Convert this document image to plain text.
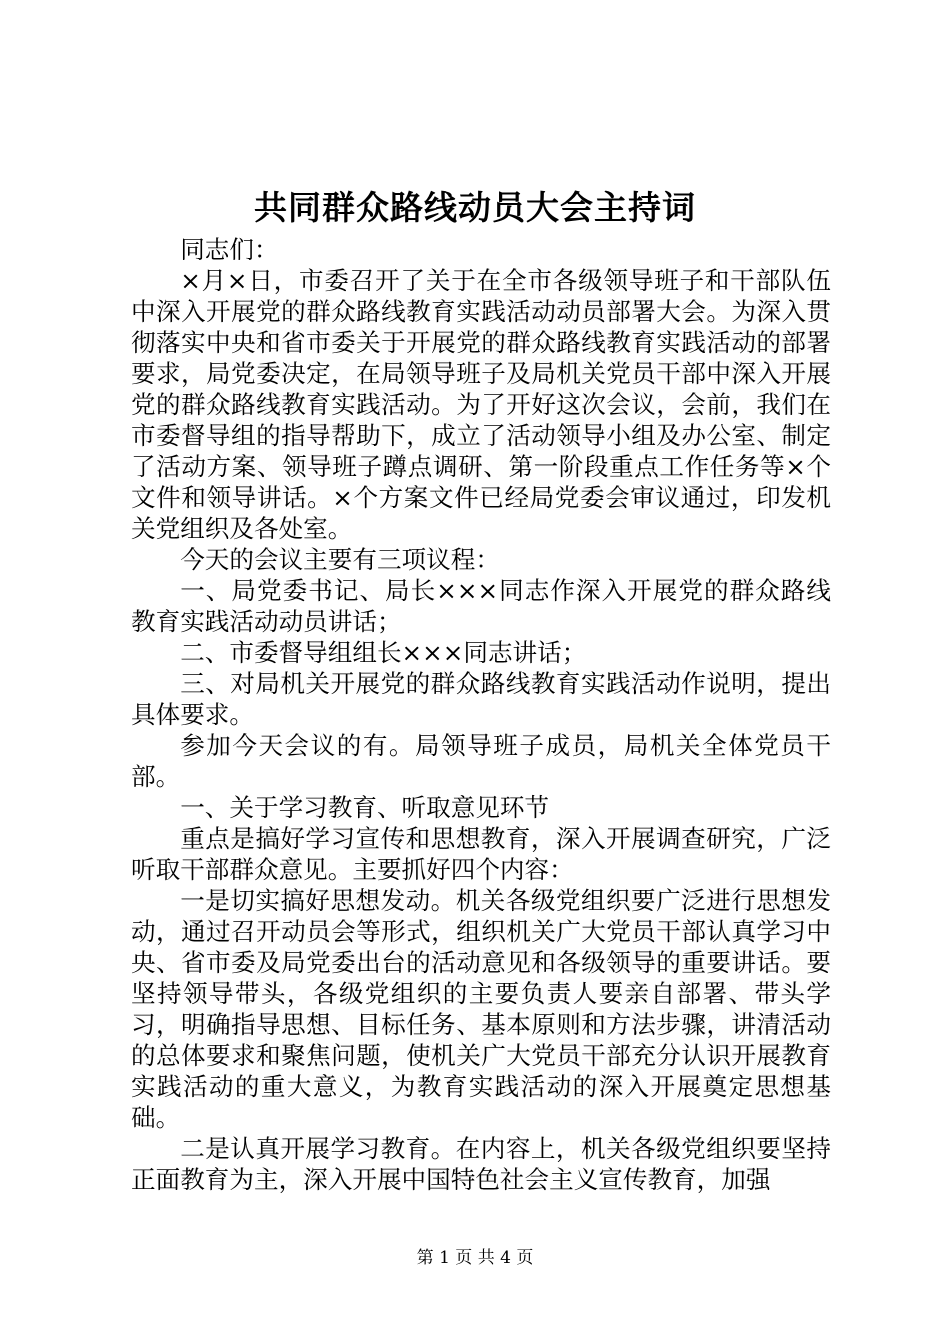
共同群众路线动员大会主持词

同志们：

×月×日，市委召开了关于在全市各级领导班子和干部队伍中深入开展党的群众路线教育实践活动动员部署大会。为深入贯彻落实中央和省市委关于开展党的群众路线教育实践活动的部署要求，局党委决定，在局领导班子及局机关党员干部中深入开展党的群众路线教育实践活动。为了开好这次会议，会前，我们在市委督导组的指导帮助下，成立了活动领导小组及办公室、制定了活动方案、领导班子蹲点调研、第一阶段重点工作任务等×个文件和领导讲话。×个方案文件已经局党委会审议通过，印发机关党组织及各处室。

今天的会议主要有三项议程：

一、局党委书记、局长×××同志作深入开展党的群众路线教育实践活动动员讲话；

二、市委督导组组长×××同志讲话；

三、对局机关开展党的群众路线教育实践活动作说明，提出具体要求。

参加今天会议的有。局领导班子成员，局机关全体党员干部。

一、关于学习教育、听取意见环节

重点是搞好学习宣传和思想教育，深入开展调查研究，广泛听取干部群众意见。主要抓好四个内容：

一是切实搞好思想发动。机关各级党组织要广泛进行思想发动，通过召开动员会等形式，组织机关广大党员干部认真学习中央、省市委及局党委出台的活动意见和各级领导的重要讲话。要坚持领导带头，各级党组织的主要负责人要亲自部署、带头学习，明确指导思想、目标任务、基本原则和方法步骤，讲清活动的总体要求和聚焦问题，使机关广大党员干部充分认识开展教育实践活动的重大意义，为教育实践活动的深入开展奠定思想基础。

二是认真开展学习教育。在内容上，机关各级党组织要坚持正面教育为主，深入开展中国特色社会主义宣传教育，加强

第 1 页 共 4 页
